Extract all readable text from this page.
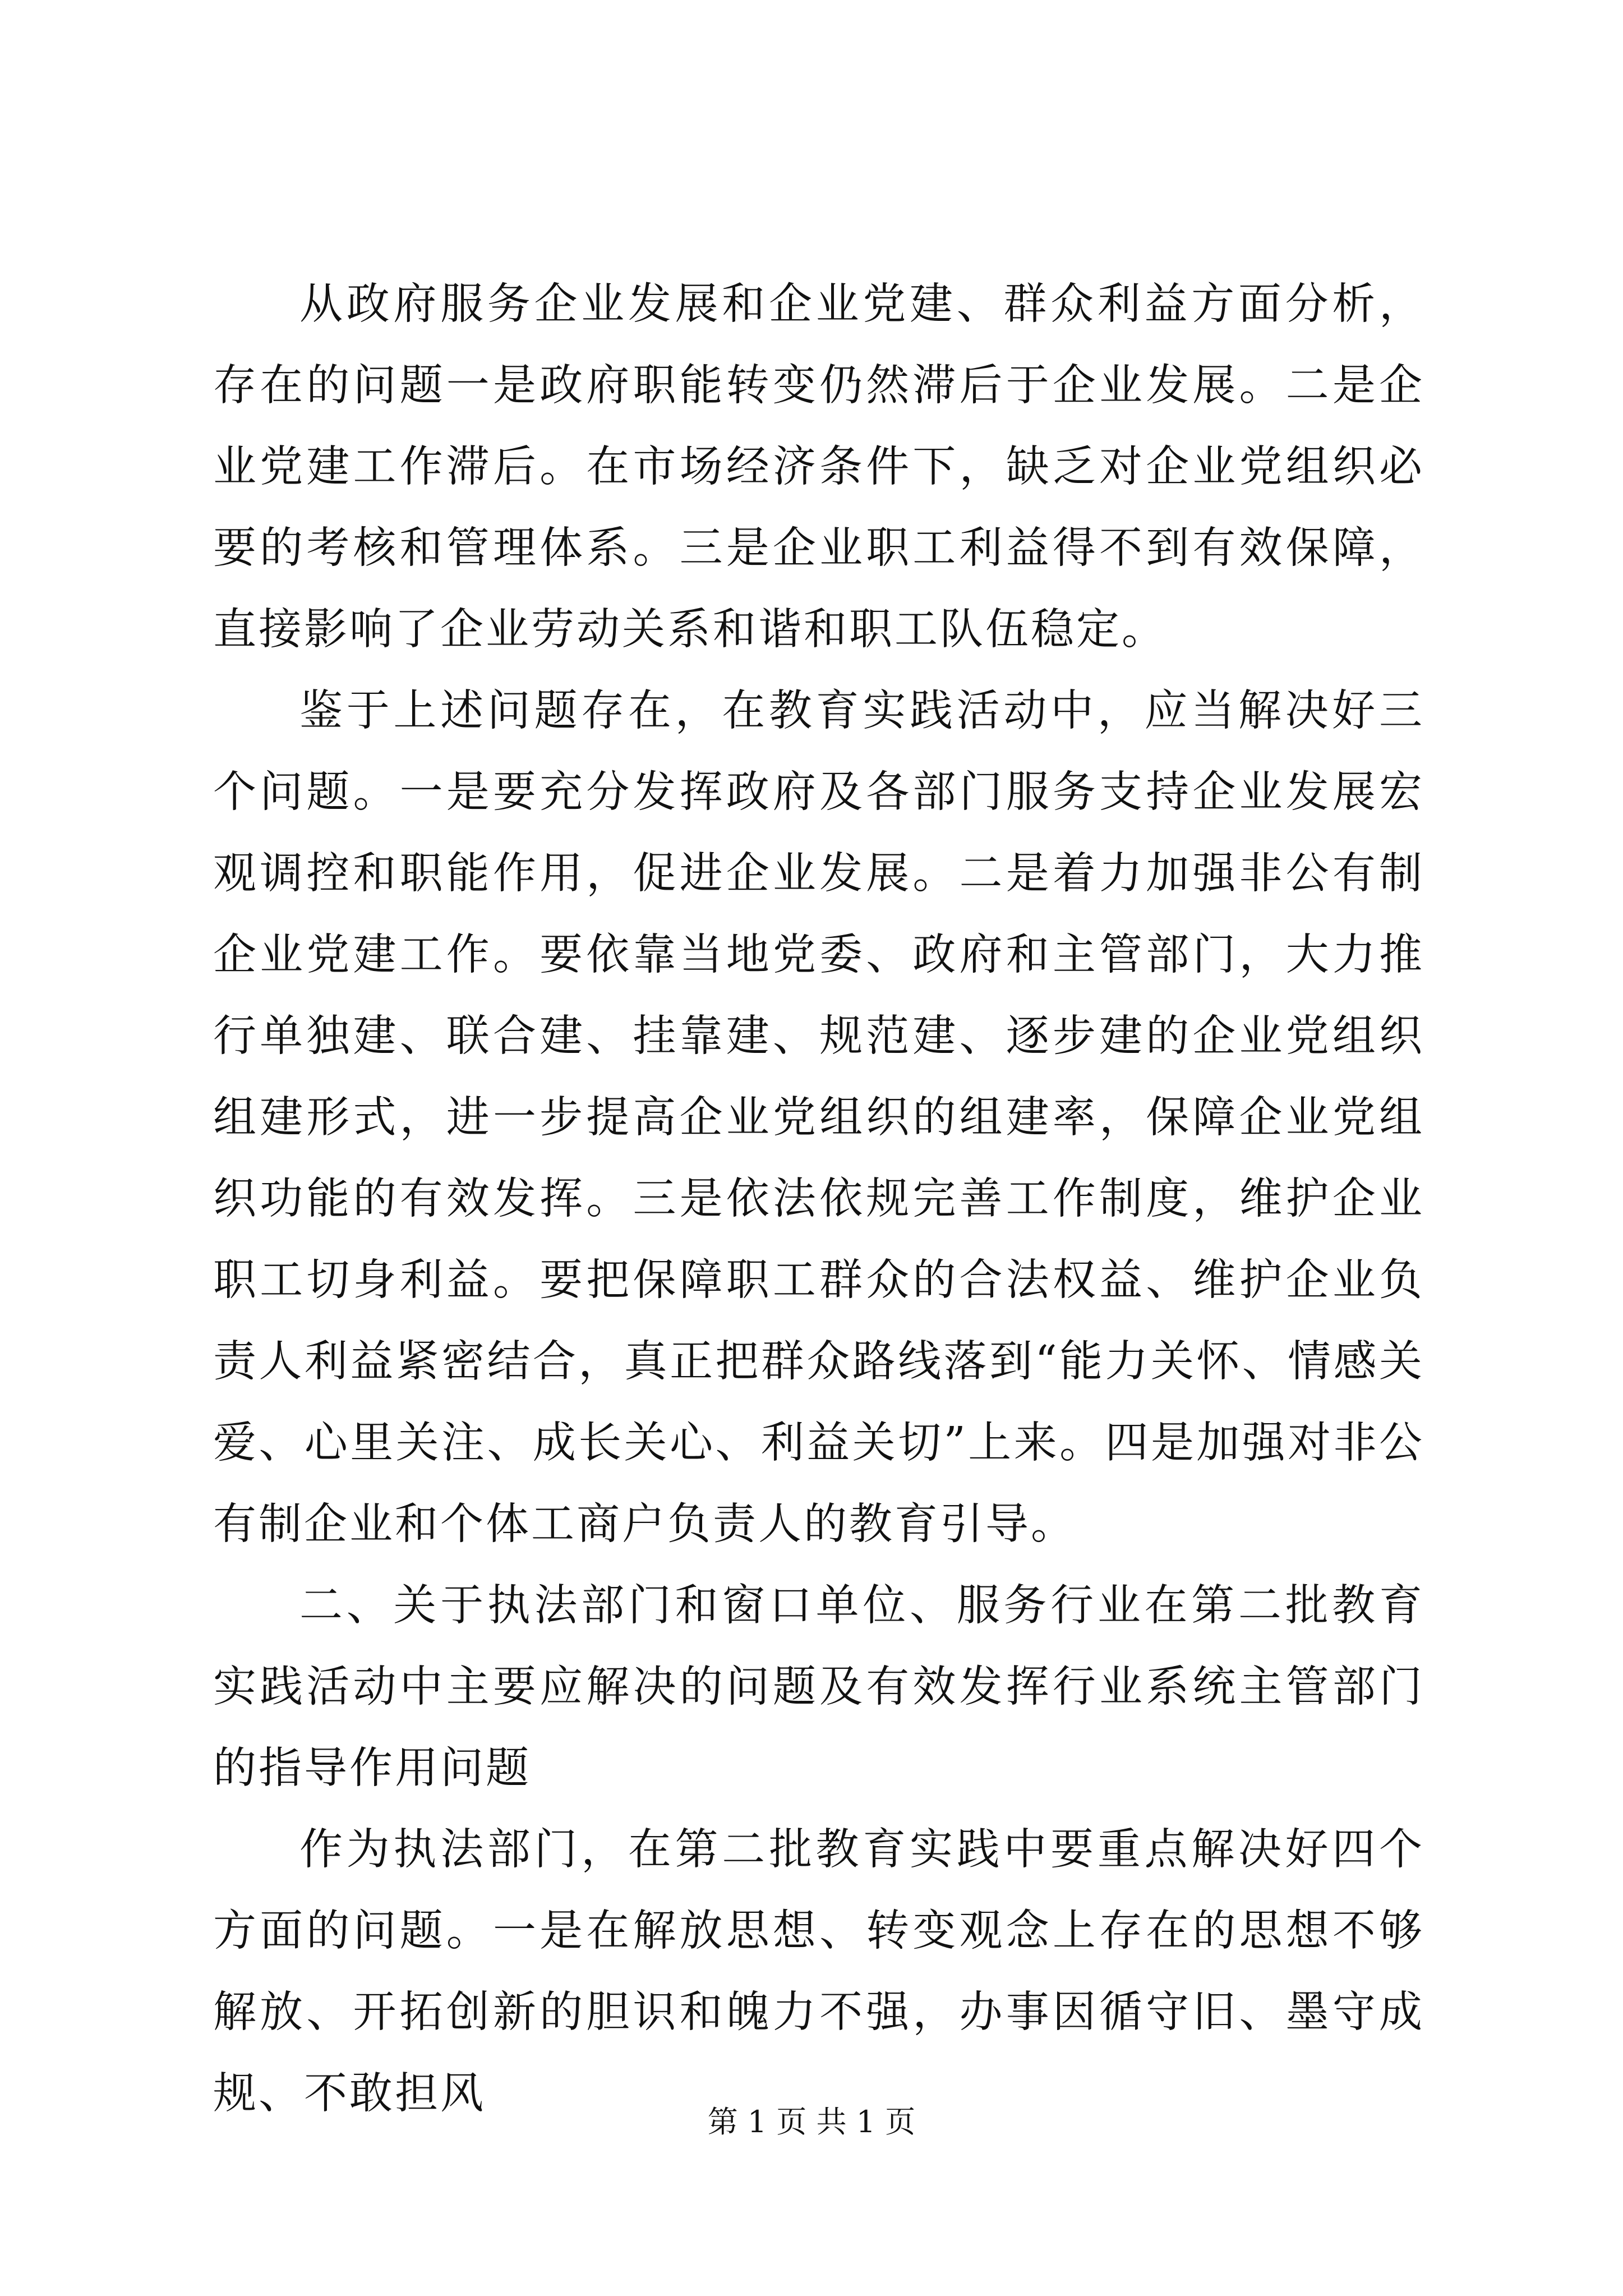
从政府服务企业发展和企业党建、群众利益方面分析，存在的问题一是政府职能转变仍然滞后于企业发展。二是企业党建工作滞后。在市场经济条件下，缺乏对企业党组织必要的考核和管理体系。三是企业职工利益得不到有效保障，直接影响了企业劳动关系和谐和职工队伍稳定。

鉴于上述问题存在，在教育实践活动中，应当解决好三个问题。一是要充分发挥政府及各部门服务支持企业发展宏观调控和职能作用，促进企业发展。二是着力加强非公有制企业党建工作。要依靠当地党委、政府和主管部门，大力推行单独建、联合建、挂靠建、规范建、逐步建的企业党组织组建形式，进一步提高企业党组织的组建率，保障企业党组织功能的有效发挥。三是依法依规完善工作制度，维护企业职工切身利益。要把保障职工群众的合法权益、维护企业负责人利益紧密结合，真正把群众路线落到“能力关怀、情感关爱、心里关注、成长关心、利益关切”上来。四是加强对非公有制企业和个体工商户负责人的教育引导。

二、关于执法部门和窗口单位、服务行业在第二批教育实践活动中主要应解决的问题及有效发挥行业系统主管部门的指导作用问题

作为执法部门，在第二批教育实践中要重点解决好四个方面的问题。一是在解放思想、转变观念上存在的思想不够解放、开拓创新的胆识和魄力不强，办事因循守旧、墨守成规、不敢担风

第 1 页 共 1 页
